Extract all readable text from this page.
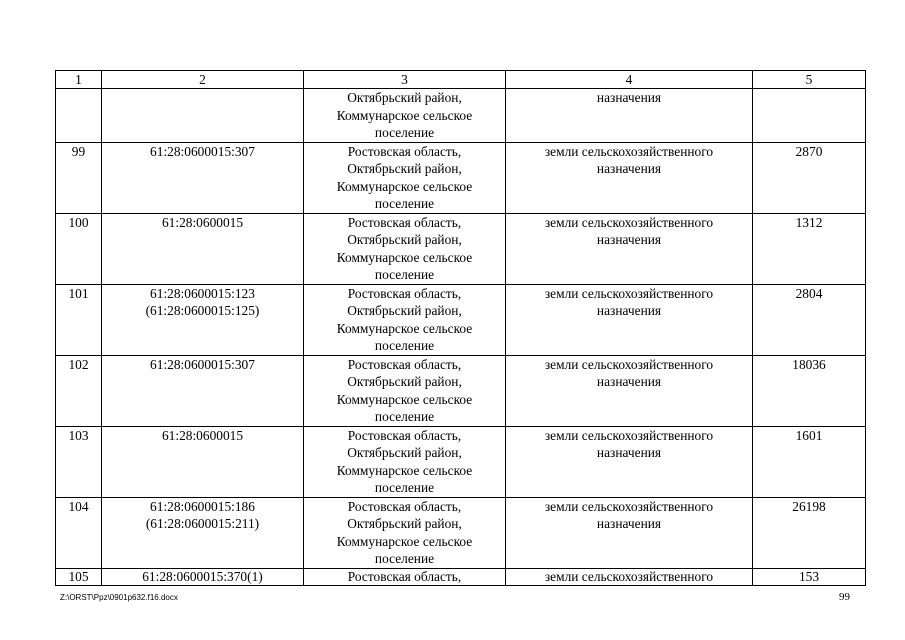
1	2	3	4	5

		Октябрьский район,
Коммунарское сельское
поселение	назначения	

99	61:28:0600015:307	Ростовская область,
Октябрьский район,
Коммунарское сельское
поселение	земли сельскохозяйственного
назначения	2870
100	61:28:0600015	Ростовская область,
Октябрьский район,
Коммунарское сельское
поселение	земли сельскохозяйственного
назначения	1312
101	61:28:0600015:123
(61:28:0600015:125)	Ростовская область,
Октябрьский район,
Коммунарское сельское
поселение	земли сельскохозяйственного
назначения	2804
102	61:28:0600015:307	Ростовская область,
Октябрьский район,
Коммунарское сельское
поселение	земли сельскохозяйственного
назначения	18036
103	61:28:0600015	Ростовская область,
Октябрьский район,
Коммунарское сельское
поселение	земли сельскохозяйственного
назначения	1601
104	61:28:0600015:186
(61:28:0600015:211)	Ростовская область,
Октябрьский район,
Коммунарское сельское
поселение	земли сельскохозяйственного
назначения	26198
105	61:28:0600015:370(1)	Ростовская область,	земли сельскохозяйственного	153
Z:\ORST\Ppz\0901p632.f16.docx	99
